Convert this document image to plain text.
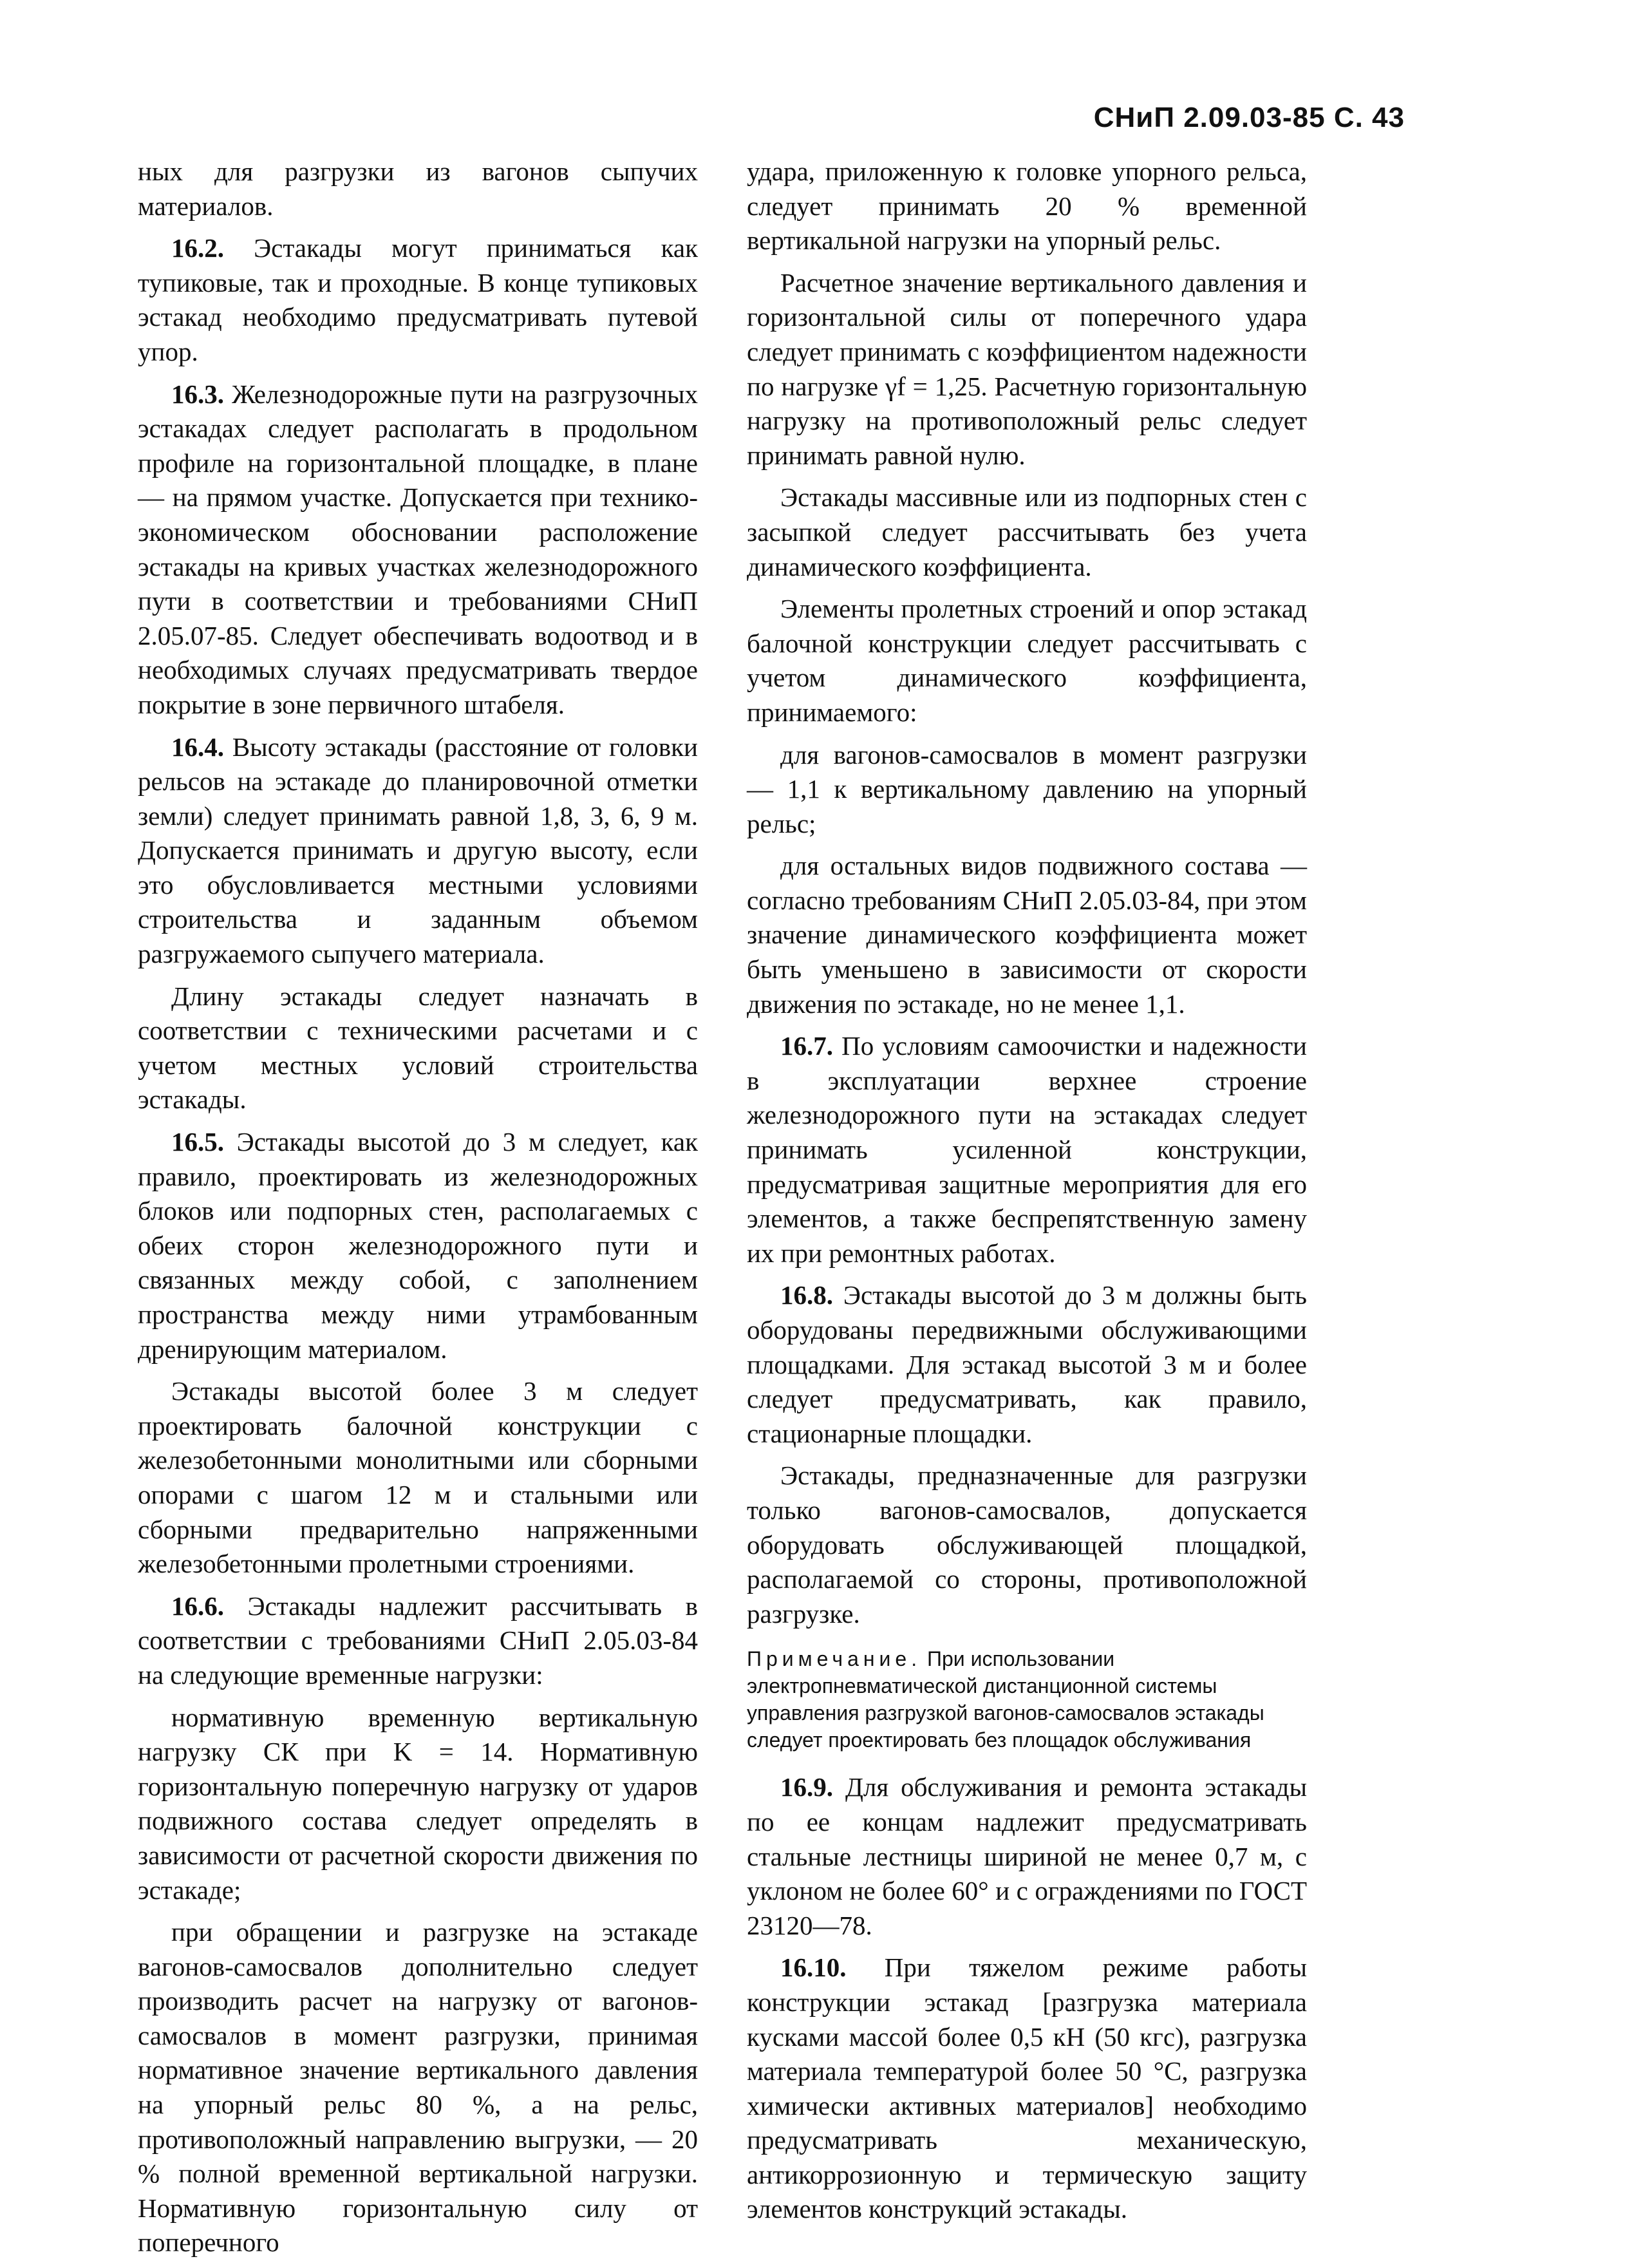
СНиП 2.09.03-85 С. 43

ных для разгрузки из вагонов сыпучих материалов.

16.2. Эстакады могут приниматься как тупиковые, так и проходные. В конце тупиковых эстакад необходимо предусматривать путевой упор.

16.3. Железнодорожные пути на разгрузочных эстакадах следует располагать в продольном профиле на горизонтальной площадке, в плане — на прямом участке. Допускается при технико-экономическом обосновании расположение эстакады на кривых участках железнодорожного пути в соответствии и требованиями СНиП 2.05.07-85. Следует обеспечивать водоотвод и в необходимых случаях предусматривать твердое покрытие в зоне первичного штабеля.

16.4. Высоту эстакады (расстояние от головки рельсов на эстакаде до планировочной отметки земли) следует принимать равной 1,8, 3, 6, 9 м. Допускается принимать и другую высоту, если это обусловливается местными условиями строительства и заданным объемом разгружаемого сыпучего материала.

Длину эстакады следует назначать в соответствии с техническими расчетами и с учетом местных условий строительства эстакады.

16.5. Эстакады высотой до 3 м следует, как правило, проектировать из железнодорожных блоков или подпорных стен, располагаемых с обеих сторон железнодорожного пути и связанных между собой, с заполнением пространства между ними утрамбованным дренирующим материалом.

Эстакады высотой более 3 м следует проектировать балочной конструкции с железобетонными монолитными или сборными опорами с шагом 12 м и стальными или сборными предварительно напряженными железобетонными пролетными строениями.

16.6. Эстакады надлежит рассчитывать в соответствии с требованиями СНиП 2.05.03-84 на следующие временные нагрузки:

нормативную временную вертикальную нагрузку СК при K = 14. Нормативную горизонтальную поперечную нагрузку от ударов подвижного состава следует определять в зависимости от расчетной скорости движения по эстакаде;

при обращении и разгрузке на эстакаде вагонов-самосвалов дополнительно следует производить расчет на нагрузку от вагонов-самосвалов в момент разгрузки, принимая нормативное значение вертикального давления на упорный рельс 80 %, а на рельс, противоположный направлению выгрузки, — 20 % полной временной вертикальной нагрузки. Нормативную горизонтальную силу от поперечного

удара, приложенную к головке упорного рельса, следует принимать 20 % временной вертикальной нагрузки на упорный рельс.

Расчетное значение вертикального давления и горизонтальной силы от поперечного удара следует принимать с коэффициентом надежности по нагрузке γf = 1,25. Расчетную горизонтальную нагрузку на противоположный рельс следует принимать равной нулю.

Эстакады массивные или из подпорных стен с засыпкой следует рассчитывать без учета динамического коэффициента.

Элементы пролетных строений и опор эстакад балочной конструкции следует рассчитывать с учетом динамического коэффициента, принимаемого:

для вагонов-самосвалов в момент разгрузки — 1,1 к вертикальному давлению на упорный рельс;

для остальных видов подвижного состава — согласно требованиям СНиП 2.05.03-84, при этом значение динамического коэффициента может быть уменьшено в зависимости от скорости движения по эстакаде, но не менее 1,1.

16.7. По условиям самоочистки и надежности в эксплуатации верхнее строение железнодорожного пути на эстакадах следует принимать усиленной конструкции, предусматривая защитные мероприятия для его элементов, а также беспрепятственную замену их при ремонтных работах.

16.8. Эстакады высотой до 3 м должны быть оборудованы передвижными обслуживающими площадками. Для эстакад высотой 3 м и более следует предусматривать, как правило, стационарные площадки.

Эстакады, предназначенные для разгрузки только вагонов-самосвалов, допускается оборудовать обслуживающей площадкой, располагаемой со стороны, противоположной разгрузке.

Примечание. При использовании электропневматической дистанционной системы управления разгрузкой вагонов-самосвалов эстакады следует проектировать без площадок обслуживания

16.9. Для обслуживания и ремонта эстакады по ее концам надлежит предусматривать стальные лестницы шириной не менее 0,7 м, с уклоном не более 60° и с ограждениями по ГОСТ 23120—78.

16.10. При тяжелом режиме работы конструкции эстакад [разгрузка материала кусками массой более 0,5 кН (50 кгс), разгрузка материала температурой более 50 °С, разгрузка химически активных материалов] необходимо предусматривать механическую, антикоррозионную и термическую защиту элементов конструкций эстакады.
